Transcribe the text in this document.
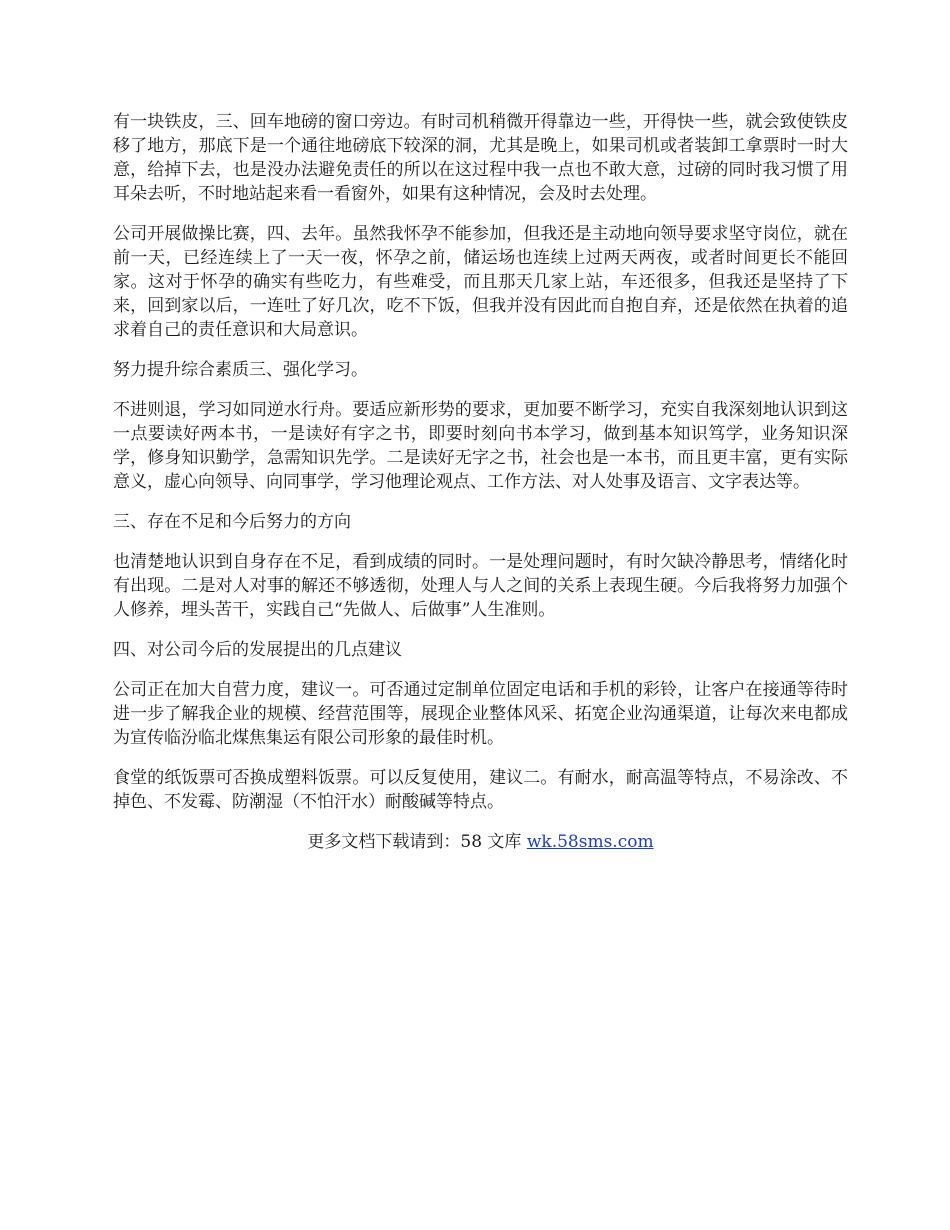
有一块铁皮，三、回车地磅的窗口旁边。有时司机稍微开得靠边一些，开得快一些，就会致使铁皮移了地方，那底下是一个通往地磅底下较深的洞，尤其是晚上，如果司机或者装卸工拿票时一时大意，给掉下去，也是没办法避免责任的所以在这过程中我一点也不敢大意，过磅的同时我习惯了用耳朵去听，不时地站起来看一看窗外，如果有这种情况，会及时去处理。

公司开展做操比赛，四、去年。虽然我怀孕不能参加，但我还是主动地向领导要求坚守岗位，就在前一天，已经连续上了一天一夜，怀孕之前，储运场也连续上过两天两夜，或者时间更长不能回家。这对于怀孕的确实有些吃力，有些难受，而且那天几家上站，车还很多，但我还是坚持了下来，回到家以后，一连吐了好几次，吃不下饭，但我并没有因此而自抱自弃，还是依然在执着的追求着自己的责任意识和大局意识。

努力提升综合素质三、强化学习。

不进则退，学习如同逆水行舟。要适应新形势的要求，更加要不断学习，充实自我深刻地认识到这一点要读好两本书，一是读好有字之书，即要时刻向书本学习，做到基本知识笃学，业务知识深学，修身知识勤学，急需知识先学。二是读好无字之书，社会也是一本书，而且更丰富，更有实际意义，虚心向领导、向同事学，学习他理论观点、工作方法、对人处事及语言、文字表达等。

三、存在不足和今后努力的方向

也清楚地认识到自身存在不足，看到成绩的同时。一是处理问题时，有时欠缺冷静思考，情绪化时有出现。二是对人对事的解还不够透彻，处理人与人之间的关系上表现生硬。今后我将努力加强个人修养，埋头苦干，实践自己“先做人、后做事”人生准则。

四、对公司今后的发展提出的几点建议

公司正在加大自营力度，建议一。可否通过定制单位固定电话和手机的彩铃，让客户在接通等待时进一步了解我企业的规模、经营范围等，展现企业整体风采、拓宽企业沟通渠道，让每次来电都成为宣传临汾临北煤焦集运有限公司形象的最佳时机。

食堂的纸饭票可否换成塑料饭票。可以反复使用，建议二。有耐水，耐高温等特点，不易涂改、不掉色、不发霉、防潮湿（不怕汗水）耐酸碱等特点。

更多文档下载请到：58 文库 wk.58sms.com
